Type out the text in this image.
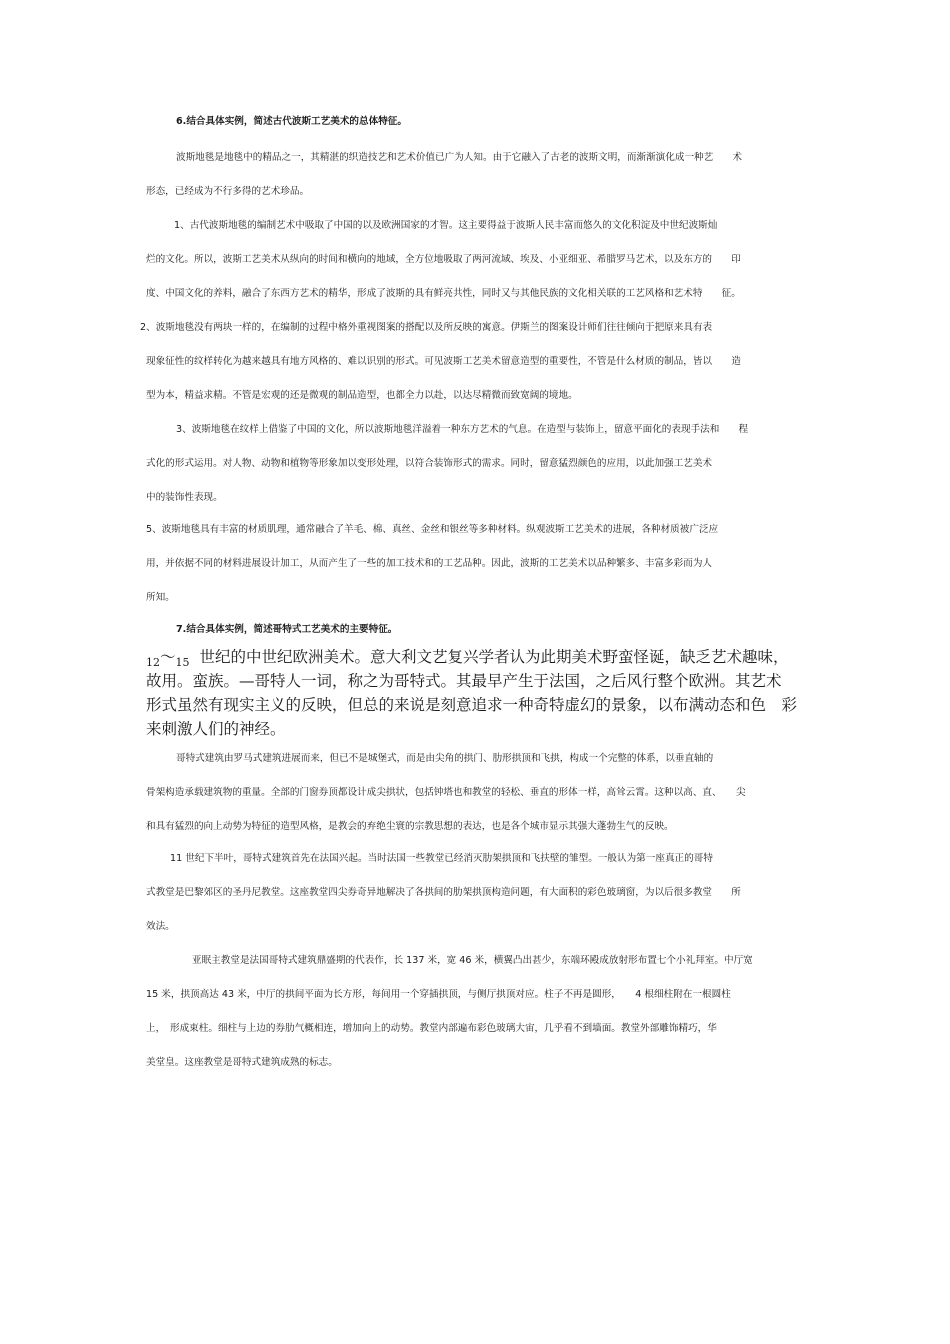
6.结合具体实例，简述古代波斯工艺美术的总体特征。
波斯地毯是地毯中的精品之一，其精湛的织造技艺和艺术价值已广为人知。由于它融入了古老的波斯文明，而渐渐演化成一种艺　　术
形态，已经成为不行多得的艺术珍品。
1、古代波斯地毯的编制艺术中吸取了中国的以及欧洲国家的才智。这主要得益于波斯人民丰富而悠久的文化积淀及中世纪波斯灿
烂的文化。所以，波斯工艺美术从纵向的时间和横向的地域，全方位地吸取了两河流域、埃及、小亚细亚、希腊罗马艺术，以及东方的　　印
度、中国文化的养料，融合了东西方艺术的精华，形成了波斯的具有鲜亮共性，同时又与其他民族的文化相关联的工艺风格和艺术特　　征。
2、波斯地毯没有两块一样的，在编制的过程中格外重视图案的搭配以及所反映的寓意。伊斯兰的图案设计师们往往倾向于把原来具有表
现象征性的纹样转化为越来越具有地方风格的、难以识别的形式。可见波斯工艺美术留意造型的重要性，不管是什么材质的制品，皆以　　造
型为本，精益求精。不管是宏观的还是微观的制品造型，也都全力以赴，以达尽精微而致宽阔的境地。
3、波斯地毯在纹样上借鉴了中国的文化，所以波斯地毯洋溢着一种东方艺术的气息。在造型与装饰上，留意平面化的表现手法和　　程
式化的形式运用。对人物、动物和植物等形象加以变形处理，以符合装饰形式的需求。同时，留意猛烈颜色的应用，以此加强工艺美术
中的装饰性表现。
5、波斯地毯具有丰富的材质肌理，通常融合了羊毛、棉、真丝、金丝和银丝等多种材料。纵观波斯工艺美术的进展，各种材质被广泛应
用，并依据不同的材料进展设计加工，从而产生了一些的加工技术和的工艺品种。因此，波斯的工艺美术以品种繁多、丰富多彩而为人
所知。
7.结合具体实例，简述哥特式工艺美术的主要特征。
$_{12}\sim_{15}$ 世纪的中世纪欧洲美术。意大利文艺复兴学者认为此期美术野蛮怪诞，缺乏艺术趣味，
故用。蛮族。—哥特人一词，称之为哥特式。其最早产生于法国，之后风行整个欧洲。其艺术
形式虽然有现实主义的反映，但总的来说是刻意追求一种奇特虚幻的景象，以布满动态和色　彩
来刺激人们的神经。
哥特式建筑由罗马式建筑进展而来，但已不是城堡式，而是由尖角的拱门、肋形拱顶和飞拱，构成一个完整的体系，以垂直轴的
骨架构造承载建筑物的重量。全部的门窗券顶都设计成尖拱状，包括钟塔也和教堂的轻松、垂直的形体一样，高耸云霄。这种以高、直、　　尖
和具有猛烈的向上动势为特征的造型风格，是教会的弃绝尘寰的宗教思想的表达，也是各个城市显示其强大蓬勃生气的反映。
11 世纪下半叶，哥特式建筑首先在法国兴起。当时法国一些教堂已经消灭肋架拱顶和飞扶壁的雏型。一般认为第一座真正的哥特
式教堂是巴黎郊区的圣丹尼教堂。这座教堂四尖券奇异地解决了各拱间的肋架拱顶构造问题，有大面积的彩色玻璃窗，为以后很多教堂　　所
效法。
亚眠主教堂是法国哥特式建筑鼎盛期的代表作，长 137 米，宽 46 米，横翼凸出甚少，东端环殿成放射形布置七个小礼拜室。中厅宽
15 米，拱顶高达 43 米，中厅的拱间平面为长方形，每间用一个穿插拱顶，与侧厅拱顶对应。柱子不再是圆形，　　4 根细柱附在一根圆柱
上，　形成束柱。细柱与上边的券肋气概相连，增加向上的动势。教堂内部遍布彩色玻璃大宙，几乎看不到墙面。教堂外部雕饰精巧，华
美堂皇。这座教堂是哥特式建筑成熟的标志。
